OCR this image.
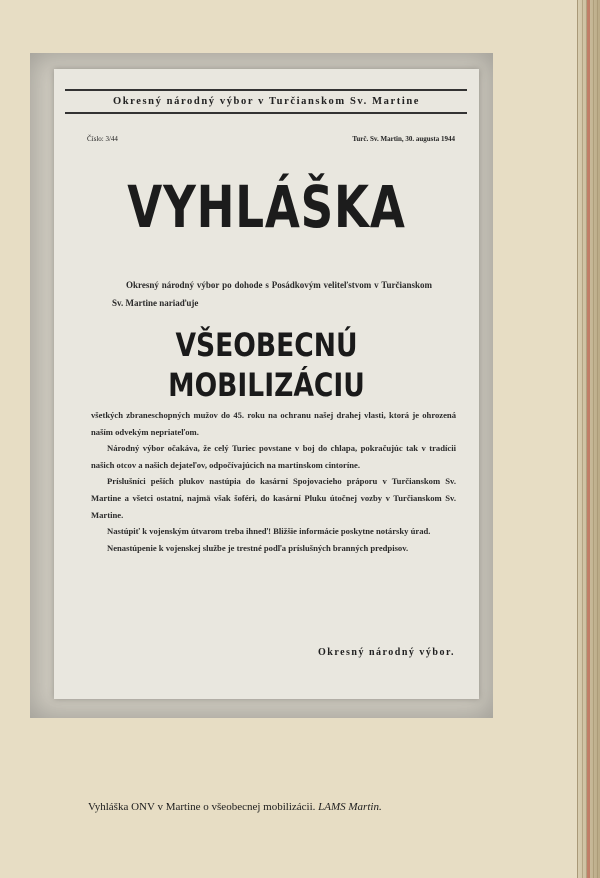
Okresný národný výbor v Turčianskom Sv. Martine
Číslo: 3/44	Turč. Sv. Martin, 30. augusta 1944
VYHLÁŠKA
Okresný národný výbor po dohode s Posádkovým veliteľstvom v Turčianskom Sv. Martine nariaďuje
VŠEOBECNÚ MOBILIZÁCIU

všetkých zbraneschopných mužov do 45. roku na ochranu našej drahej vlasti, ktorá je ohrozená naším odvekým nepriateľom.

Národný výbor očakáva, že celý Turiec povstane v boj do chlapa, pokračujúc tak v tradícii našich otcov a našich dejateľov, odpočívajúcich na martinskom cintoríne.

Príslušníci peších plukov nastúpia do kasární Spojovacieho práporu v Turčianskom Sv. Martine a všetci ostatní, najmä však šoféri, do kasární Pluku útočnej vozby v Turčianskom Sv. Martine.

Nastúpiť k vojenským útvarom treba ihneď! Bližšie informácie poskytne notársky úrad.

Nenastúpenie k vojenskej službe je trestné podľa príslušných branných predpisov.

Okresný národný výbor.
Vyhláška ONV v Martine o všeobecnej mobilizácii. LAMS Martin.
